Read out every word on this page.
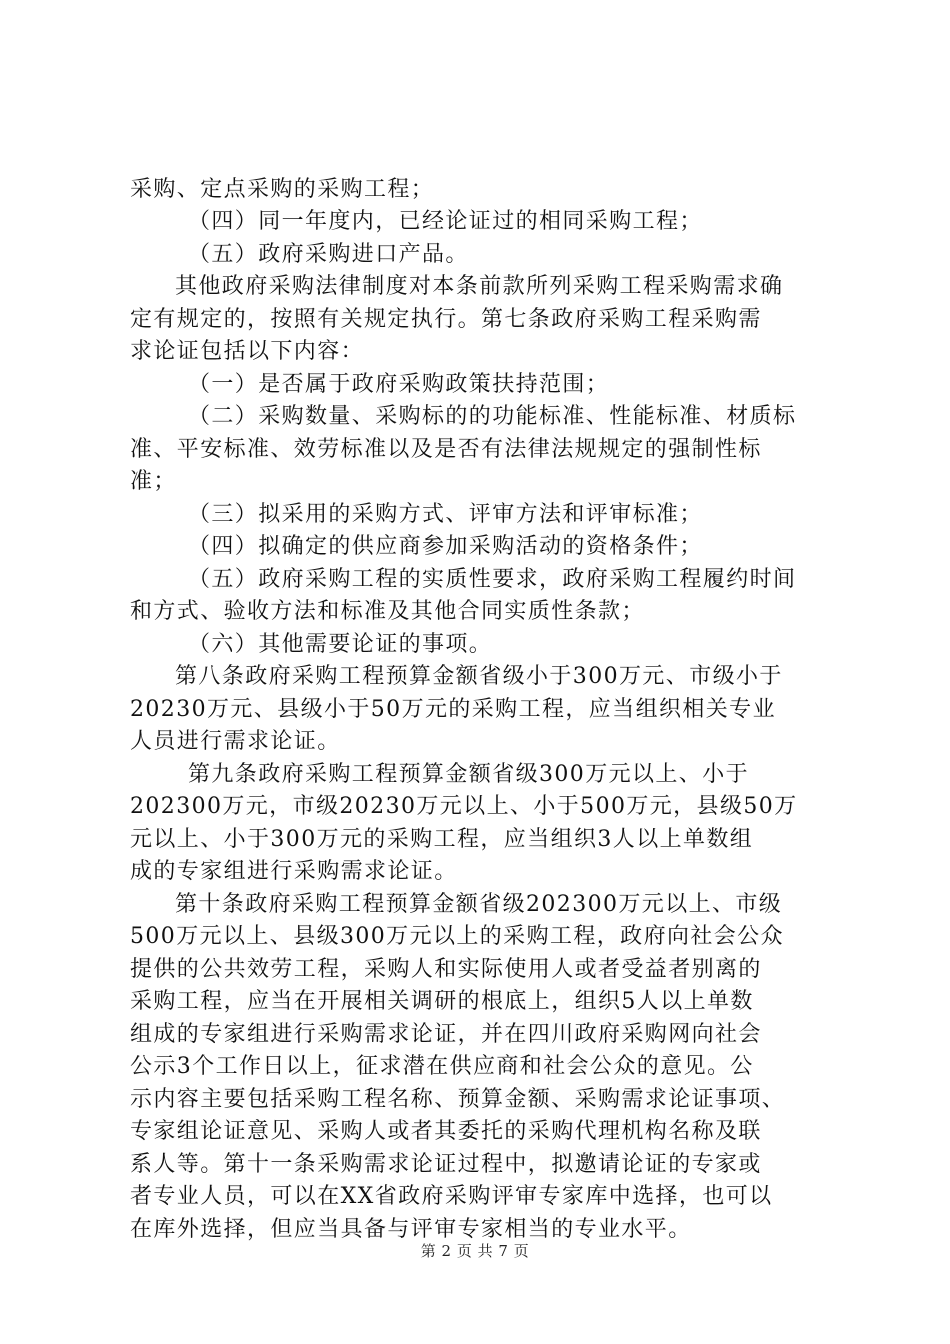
采购、定点采购的采购工程；
（四）同一年度内，已经论证过的相同采购工程；
（五）政府采购进口产品。
其他政府采购法律制度对本条前款所列采购工程采购需求确
定有规定的，按照有关规定执行。第七条政府采购工程采购需
求论证包括以下内容：
（一）是否属于政府采购政策扶持范围；
（二）采购数量、采购标的的功能标准、性能标准、材质标
准、平安标准、效劳标准以及是否有法律法规规定的强制性标
准；
（三）拟采用的采购方式、评审方法和评审标准；
（四）拟确定的供应商参加采购活动的资格条件；
（五）政府采购工程的实质性要求，政府采购工程履约时间
和方式、验收方法和标准及其他合同实质性条款；
（六）其他需要论证的事项。
第八条政府采购工程预算金额省级小于300万元、市级小于
20230万元、县级小于50万元的采购工程，应当组织相关专业
人员进行需求论证。
第九条政府采购工程预算金额省级300万元以上、小于
202300万元，市级20230万元以上、小于500万元，县级50万
元以上、小于300万元的采购工程，应当组织3人以上单数组
成的专家组进行采购需求论证。
第十条政府采购工程预算金额省级202300万元以上、市级
500万元以上、县级300万元以上的采购工程，政府向社会公众
提供的公共效劳工程，采购人和实际使用人或者受益者别离的
采购工程，应当在开展相关调研的根底上，组织5人以上单数
组成的专家组进行采购需求论证，并在四川政府采购网向社会
公示3个工作日以上，征求潜在供应商和社会公众的意见。公
示内容主要包括采购工程名称、预算金额、采购需求论证事项、
专家组论证意见、采购人或者其委托的采购代理机构名称及联
系人等。第十一条采购需求论证过程中，拟邀请论证的专家或
者专业人员，可以在XX省政府采购评审专家库中选择，也可以
在库外选择，但应当具备与评审专家相当的专业水平。
第 2 页 共 7 页
